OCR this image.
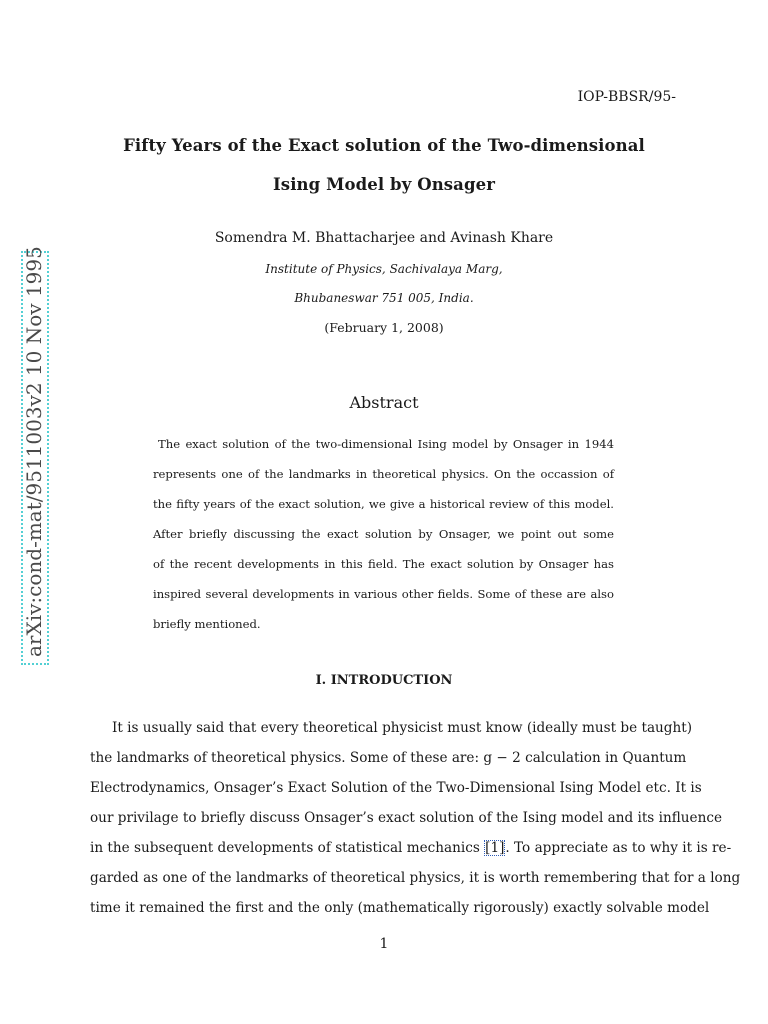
IOP-BBSR/95-
Fifty Years of the Exact solution of the Two-dimensional
Ising Model by Onsager
Somendra M. Bhattacharjee and Avinash Khare
Institute of Physics, Sachivalaya Marg,
Bhubaneswar 751 005, India.
(February 1, 2008)
Abstract
The exact solution of the two-dimensional Ising model by Onsager in 1944
represents one of the landmarks in theoretical physics. On the occassion of
the fifty years of the exact solution, we give a historical review of this model.
After briefly discussing the exact solution by Onsager, we point out some
of the recent developments in this field. The exact solution by Onsager has
inspired several developments in various other fields. Some of these are also
briefly mentioned.
I. INTRODUCTION
It is usually said that every theoretical physicist must know (ideally must be taught)
the landmarks of theoretical physics. Some of these are: g − 2 calculation in Quantum
Electrodynamics, Onsager’s Exact Solution of the Two-Dimensional Ising Model etc. It is
our privilage to briefly discuss Onsager’s exact solution of the Ising model and its influence
in the subsequent developments of statistical mechanics [1]. To appreciate as to why it is re-
garded as one of the landmarks of theoretical physics, it is worth remembering that for a long
time it remained the first and the only (mathematically rigorously) exactly solvable model
1
arXiv:cond-mat/9511003v2 10 Nov 1995
